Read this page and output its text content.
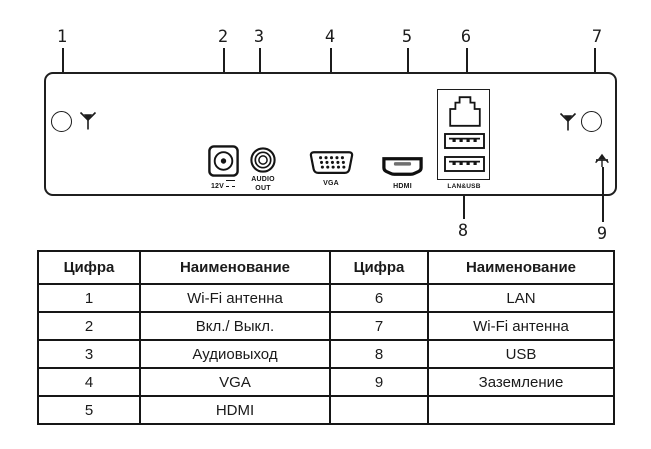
1	2	3	4	5	6	7
8	9
12V
AUDIO
OUT
VGA	HDMI	LAN&USB
Цифра	Наименование	Цифра	Наименование
1	Wi-Fi антенна	6	LAN
2	Вкл./ Выкл.	7	Wi-Fi антенна
3	Аудиовыход	8	USB
4	VGA	9	Заземление
5	HDMI		
